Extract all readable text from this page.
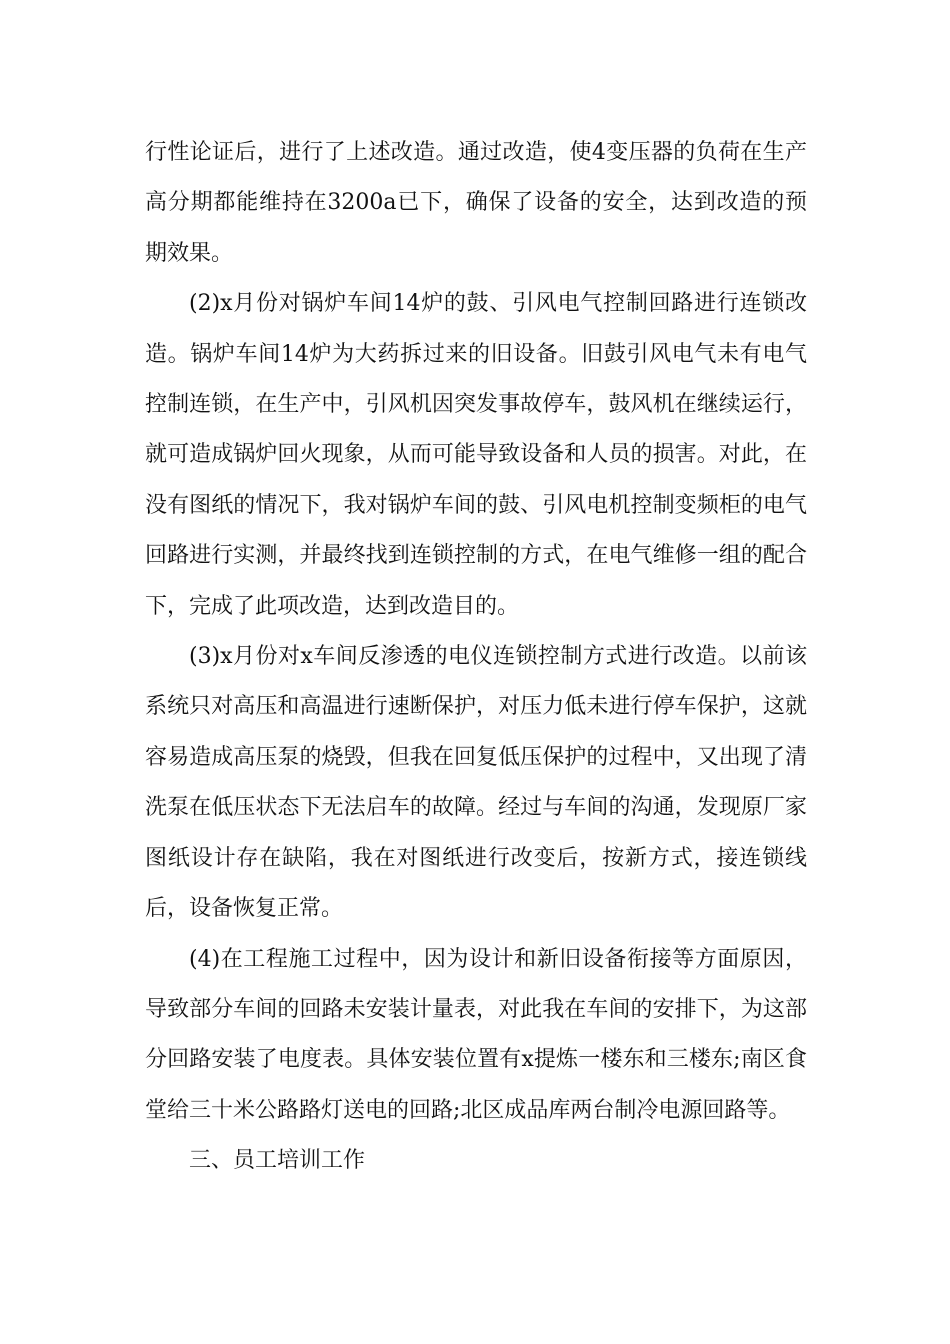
行性论证后，进行了上述改造。通过改造，使4变压器的负荷在生产高分期都能维持在3200a已下，确保了设备的安全，达到改造的预期效果。

(2)x月份对锅炉车间14炉的鼓、引风电气控制回路进行连锁改造。锅炉车间14炉为大药拆过来的旧设备。旧鼓引风电气未有电气控制连锁，在生产中，引风机因突发事故停车，鼓风机在继续运行，就可造成锅炉回火现象，从而可能导致设备和人员的损害。对此，在没有图纸的情况下，我对锅炉车间的鼓、引风电机控制变频柜的电气回路进行实测，并最终找到连锁控制的方式，在电气维修一组的配合下，完成了此项改造，达到改造目的。

(3)x月份对x车间反渗透的电仪连锁控制方式进行改造。以前该系统只对高压和高温进行速断保护，对压力低未进行停车保护，这就容易造成高压泵的烧毁，但我在回复低压保护的过程中，又出现了清洗泵在低压状态下无法启车的故障。经过与车间的沟通，发现原厂家图纸设计存在缺陷，我在对图纸进行改变后，按新方式，接连锁线后，设备恢复正常。

(4)在工程施工过程中，因为设计和新旧设备衔接等方面原因，导致部分车间的回路未安装计量表，对此我在车间的安排下，为这部分回路安装了电度表。具体安装位置有x提炼一楼东和三楼东;南区食堂给三十米公路路灯送电的回路;北区成品库两台制冷电源回路等。

三、员工培训工作
